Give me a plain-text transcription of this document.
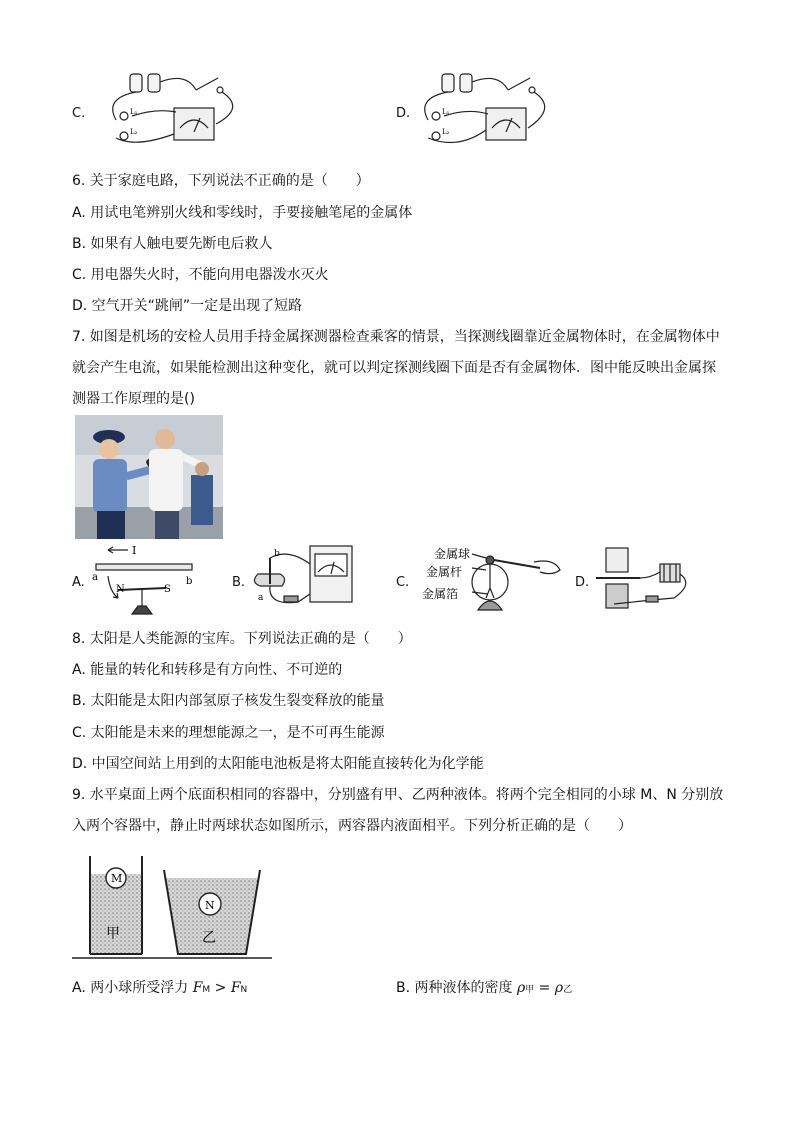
C.	L₁
L₂
D.	L₁
L₂
6. 关于家庭电路，下列说法不正确的是（　　）
A. 用试电笔辨别火线和零线时，手要接触笔尾的金属体
B. 如果有人触电要先断电后救人
C. 用电器失火时，不能向用电器泼水灭火
D. 空气开关“跳闸”一定是出现了短路
7. 如图是机场的安检人员用手持金属探测器检查乘客的情景，当探测线圈靠近金属物体时，在金属物体中
就会产生电流，如果能检测出这种变化，就可以判定探测线圈下面是否有金属物体．图中能反映出金属探
测器工作原理的是()
A.
I
a	b
N	S	B.
b
a
C.
金属球
金属杆
金属箔
D.
8. 太阳是人类能源的宝库。下列说法正确的是（　　）
A. 能量的转化和转移是有方向性、不可逆的
B. 太阳能是太阳内部氢原子核发生裂变释放的能量
C. 太阳能是未来的理想能源之一，是不可再生能源
D. 中国空间站上用到的太阳能电池板是将太阳能直接转化为化学能
9. 水平桌面上两个底面积相同的容器中，分别盛有甲、乙两种液体。将两个完全相同的小球 M、N 分别放
入两个容器中，静止时两球状态如图所示，两容器内液面相平。下列分析正确的是（　　）
M
甲
N
乙
A. 两小球所受浮力 FM > FN	B. 两种液体的密度 ρ甲 = ρ乙
